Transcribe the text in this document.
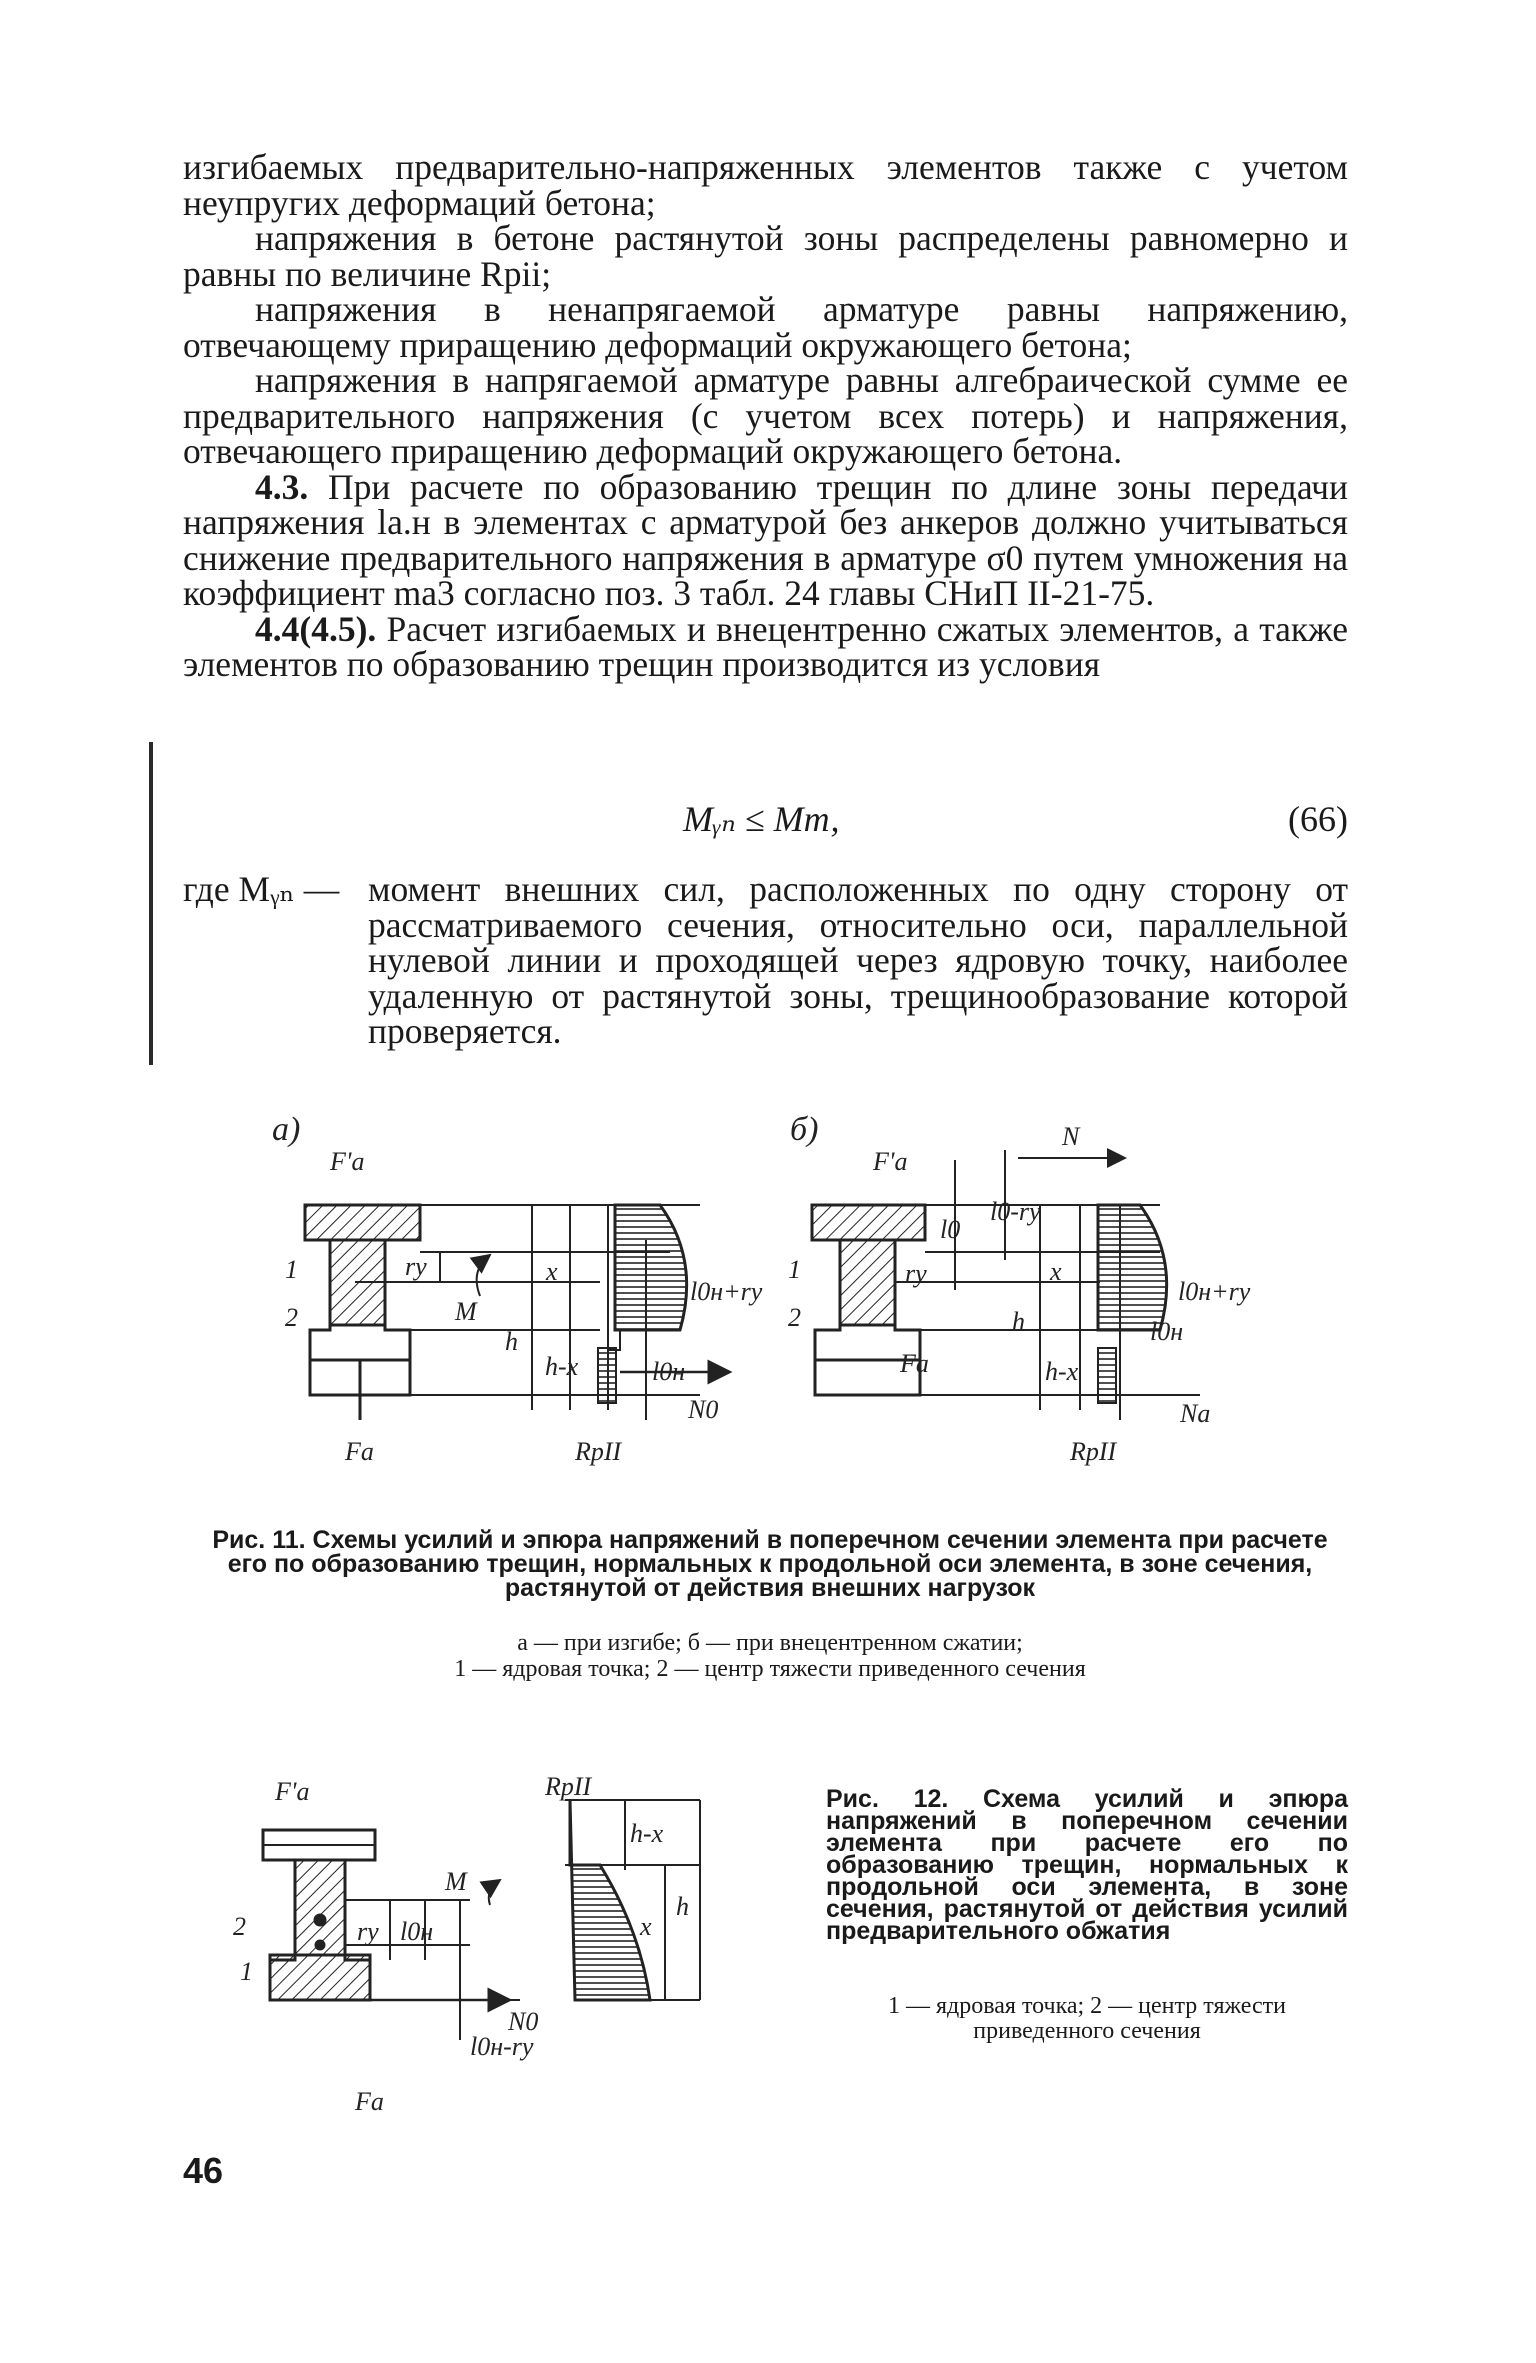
изгибаемых предварительно-напряженных элементов также с учетом неупругих деформаций бетона;

напряжения в бетоне растянутой зоны распределены равномерно и равны по величине Rpii;

напряжения в ненапрягаемой арматуре равны напряжению, отвечающему приращению деформаций окружающего бетона;

напряжения в напрягаемой арматуре равны алгебраической сумме ее предварительного напряжения (с учетом всех потерь) и напряжения, отвечающего приращению деформаций окружающего бетона.

4.3. При расчете по образованию трещин по длине зоны передачи напряжения lа.н в элементах с арматурой без анкеров должно учитываться снижение предварительного напряжения в арматуре σ0 путем умножения на коэффициент mа3 согласно поз. 3 табл. 24 главы СНиП II-21-75.

4.4(4.5). Расчет изгибаемых и внецентренно сжатых элементов, а также элементов по образованию трещин производится из условия

Mᵧₙ ≤ Mт,	(66)
где Mᵧₙ — момент внешних сил, расположенных по одну сторону от рассматриваемого сечения, относительно оси, параллельной нулевой линии и проходящей через ядровую точку, наиболее удаленную от растянутой зоны, трещинообразование которой проверяется.
а)
F'a
1
2
rу
M
x
h
h-x
l0н+rу
l0н
N0
Fa	RрII
б)
F'a
1
2
N
l0
l0-rу
rу	x
h
h-x
l0н
l0н+rу
Na
Fa
RрII
F'a
2
1
RрII
M
rу l0н
h-x
x
h
N0
l0н-rу
Fa
Рис. 11. Схемы усилий и эпюра напряжений в поперечном сечении элемента при расчете его по образованию трещин, нормальных к продольной оси элемента, в зоне сечения, растянутой от действия внешних нагрузок
а — при изгибе; б — при внецентренном сжатии;
1 — ядровая точка; 2 — центр тяжести приведенного сечения
Рис. 12. Схема усилий и эпюра напряжений в поперечном сечении элемента при расчете его по образованию трещин, нормальных к продольной оси элемента, в зоне сечения, растянутой от действия усилий предварительного обжатия
1 — ядровая точка; 2 — центр тяжести приведенного сечения
46
